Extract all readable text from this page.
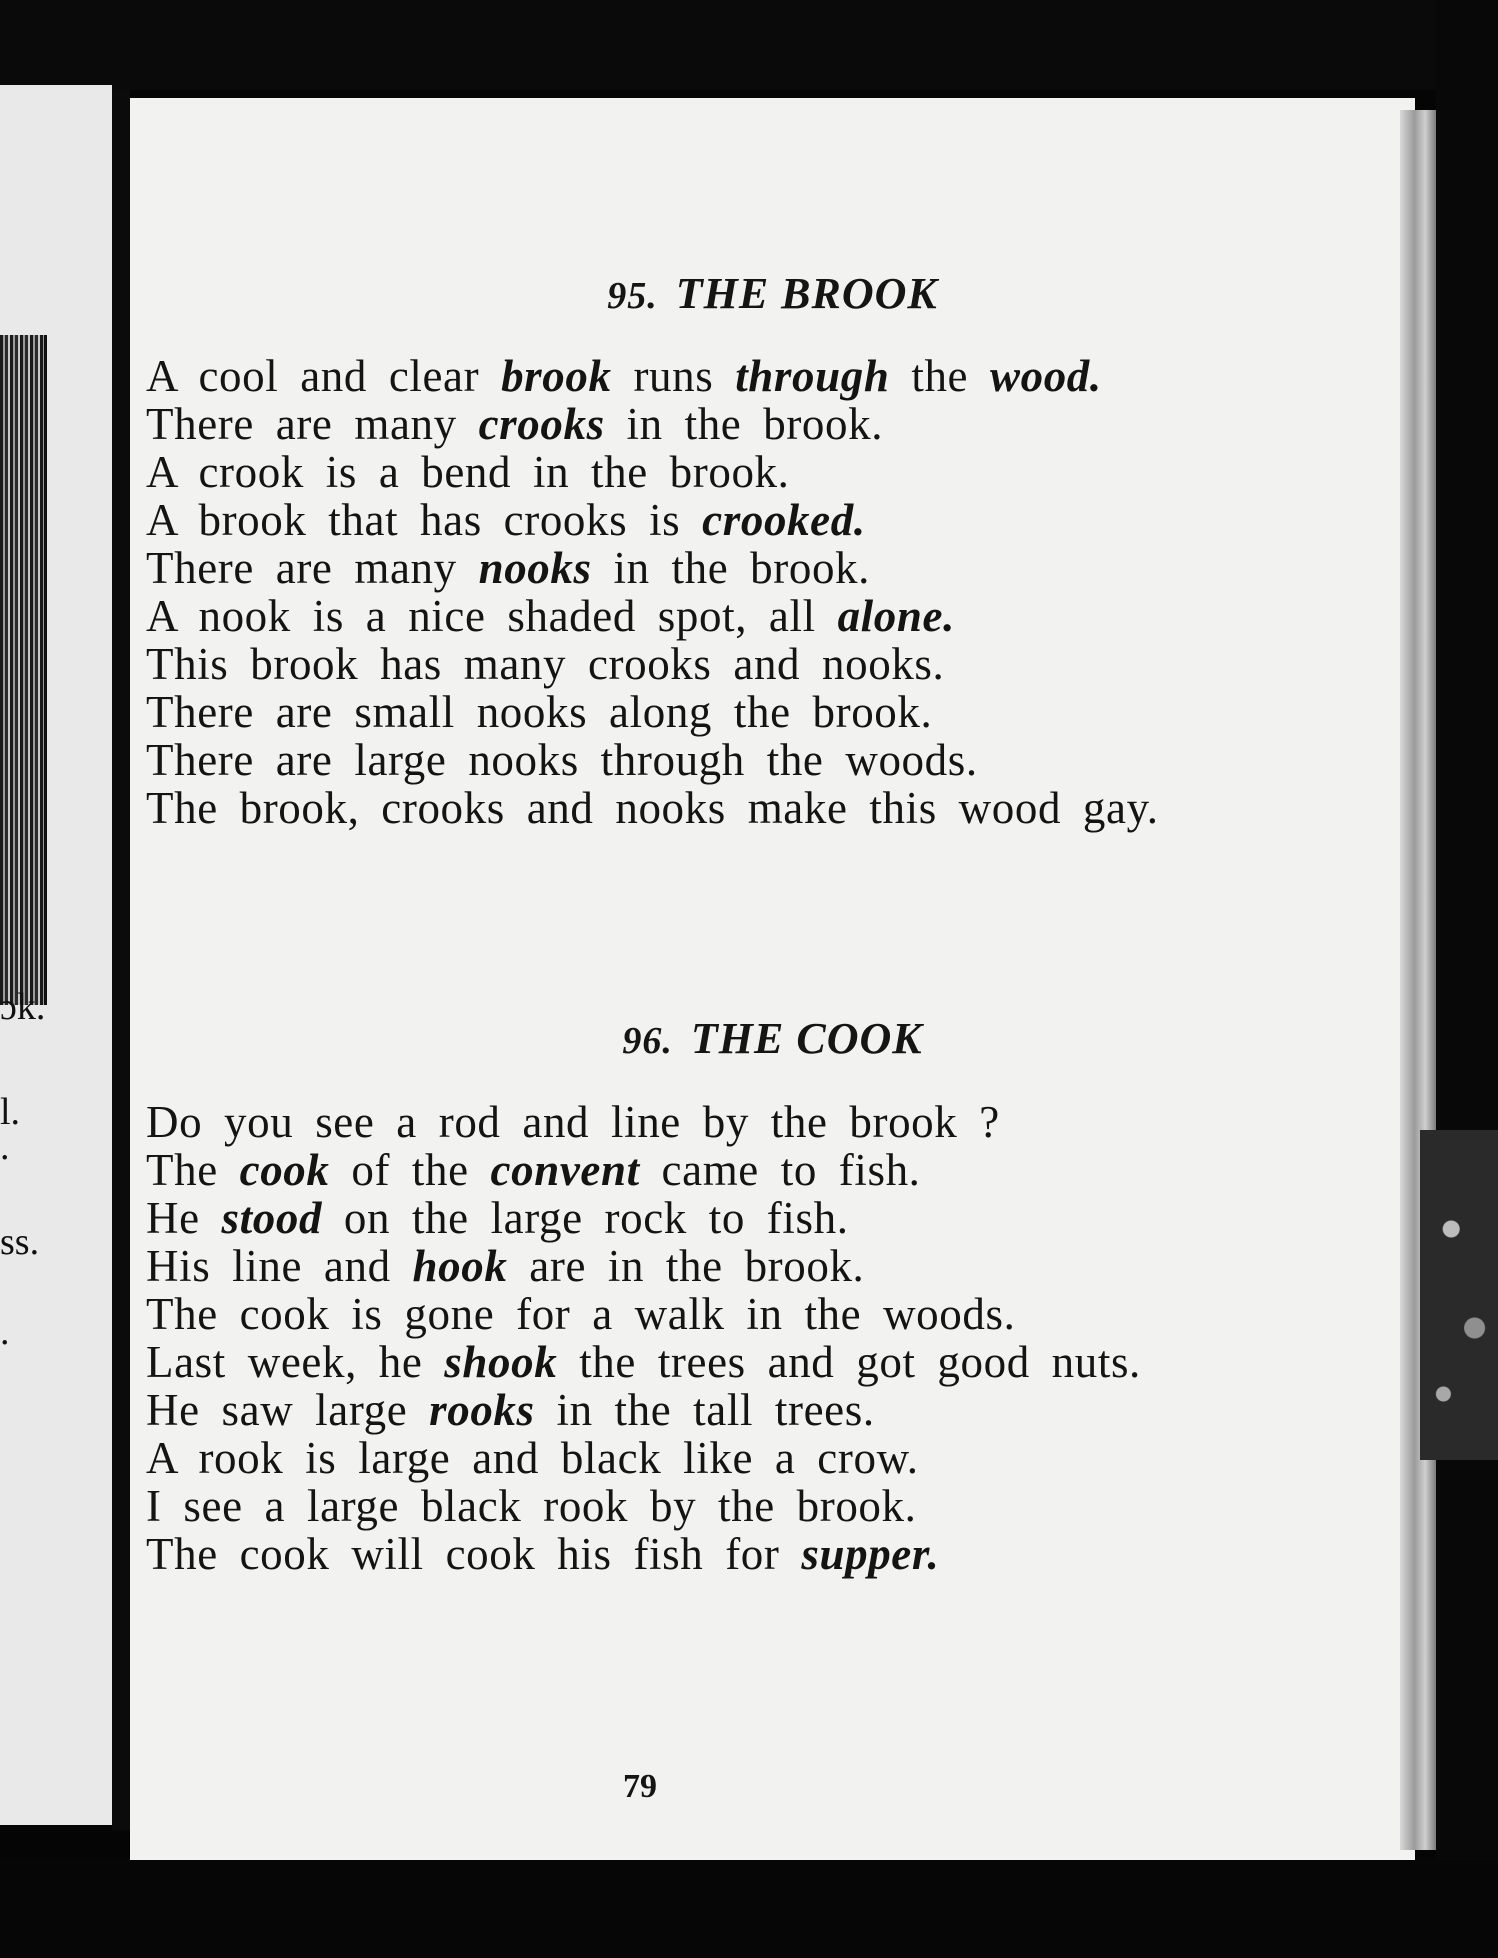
ɔk.
l.
.
ss.
.
95. THE BROOK
A cool and clear brook runs through the wood.
There are many crooks in the brook.
A crook is a bend in the brook.
A brook that has crooks is crooked.
There are many nooks in the brook.
A nook is a nice shaded spot, all alone.
This brook has many crooks and nooks.
There are small nooks along the brook.
There are large nooks through the woods.
The brook, crooks and nooks make this wood gay.
96. THE COOK
Do you see a rod and line by the brook ?
The cook of the convent came to fish.
He stood on the large rock to fish.
His line and hook are in the brook.
The cook is gone for a walk in the woods.
Last week, he shook the trees and got good nuts.
He saw large rooks in the tall trees.
A rook is large and black like a crow.
I see a large black rook by the brook.
The cook will cook his fish for supper.
79
